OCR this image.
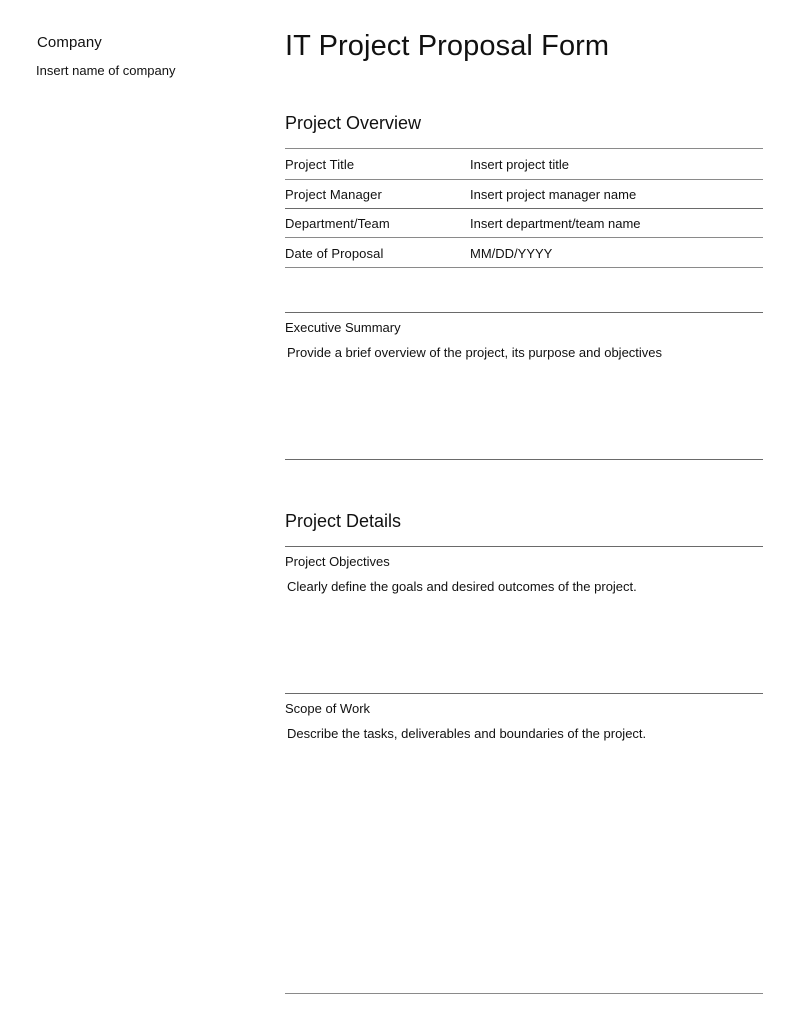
Company
Insert name of company
IT Project Proposal Form
Project Overview
Project Title	Insert project title
Project Manager	Insert project manager name
Department/Team	Insert department/team name
Date of Proposal	MM/DD/YYYY
Executive Summary
Provide a brief overview of the project, its purpose and objectives
Project Details
Project Objectives
Clearly define the goals and desired outcomes of the project.
Scope of Work
Describe the tasks, deliverables and boundaries of the project.
